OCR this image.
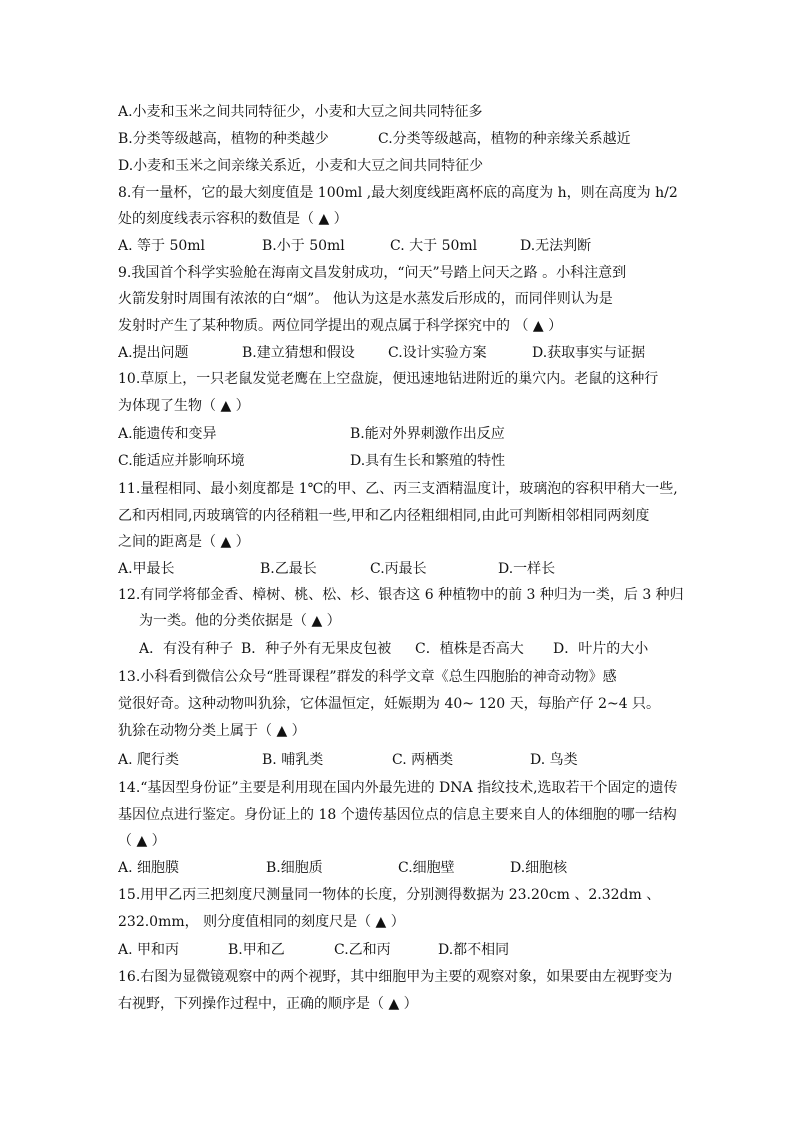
A.小麦和玉米之间共同特征少，小麦和大豆之间共同特征多
B.分类等级越高，植物的种类越少	C.分类等级越高，植物的种亲缘关系越近
D.小麦和玉米之间亲缘关系近，小麦和大豆之间共同特征少
8.有一量杯，它的最大刻度值是 100ml ,最大刻度线距离杯底的高度为 h，则在高度为 h/2
处的刻度线表示容积的数值是（ ▲ ）
A. 等于 50ml	B.小于 50ml	C. 大于 50ml	D.无法判断
9.我国首个科学实验舱在海南文昌发射成功，“问天”号踏上问天之路 。小科注意到
火箭发射时周围有浓浓的白“烟”。 他认为这是水蒸发后形成的，而同伴则认为是
发射时产生了某种物质。两位同学提出的观点属于科学探究中的 （ ▲ ）
A.提出问题	B.建立猜想和假设 C.设计实验方案	D.获取事实与证据
10.草原上，一只老鼠发觉老鹰在上空盘旋，便迅速地钻进附近的巢穴内。老鼠的这种行
为体现了生物（ ▲ ）
A.能遗传和变异	B.能对外界刺激作出反应
C.能适应并影响环境	D.具有生长和繁殖的特性
11.量程相同、最小刻度都是 1℃的甲、乙、丙三支酒精温度计，玻璃泡的容积甲稍大一些,
乙和丙相同,丙玻璃管的内径稍粗一些,甲和乙内径粗细相同,由此可判断相邻相同两刻度
之间的距离是（ ▲ ）
A.甲最长	B.乙最长	C.丙最长	D.一样长
12.有同学将郁金香、樟树、桃、松、杉、银杏这 6 种植物中的前 3 种归为一类，后 3 种归
为一类。他的分类依据是（ ▲ ）
A．有没有种子 B．种子外有无果皮包被 C．植株是否高大 D．叶片的大小
13.小科看到微信公众号“胜哥课程”群发的科学文章《总生四胞胎的神奇动物》感
觉很好奇。这种动物叫犰狳，它体温恒定，妊娠期为 40~ 120 天，每胎产仔 2~4 只。
犰狳在动物分类上属于（ ▲ ）
A. 爬行类	B. 哺乳类	C. 两栖类	D. 鸟类
14.“基因型身份证”主要是利用现在国内外最先进的 DNA 指纹技术,选取若干个固定的遗传
基因位点进行鉴定。身份证上的 18 个遗传基因位点的信息主要来自人的体细胞的哪一结构
（ ▲ ）
A. 细胞膜	B.细胞质	C.细胞壁	D.细胞核
15.用甲乙丙三把刻度尺测量同一物体的长度，分别测得数据为 23.20cm 、2.32dm 、
232.0mm， 则分度值相同的刻度尺是（ ▲ ）
A. 甲和丙	B.甲和乙	C.乙和丙	D.都不相同
16.右图为显微镜观察中的两个视野，其中细胞甲为主要的观察对象，如果要由左视野变为
右视野，下列操作过程中，正确的顺序是（ ▲ ）
